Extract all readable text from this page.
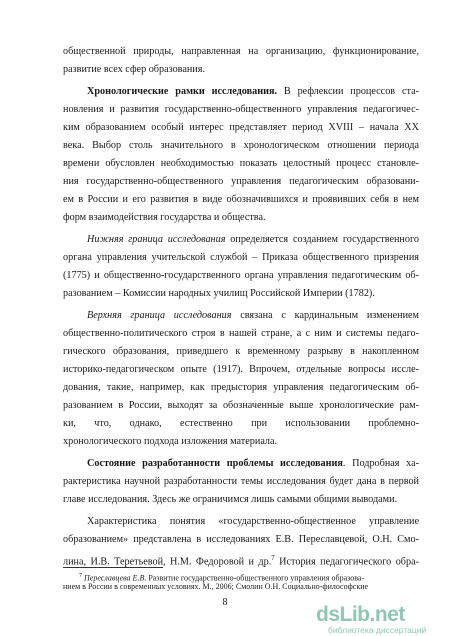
общественной природы, направленная на организацию, функционирование,
развитие всех сфер образования.
Хронологические рамки исследования. В рефлексии процессов ста-
новления и развития государственно-общественного управления педагогичес-
ким образованием особый интерес представляет период XVIII – начала XX
века. Выбор столь значительного в хронологическом отношении периода
времени обусловлен необходимостью показать целостный процесс становле-
ния государственно-общественного управления педагогическим образовани-
ем в России и его развития в виде обозначившихся и проявивших себя в нем
форм взаимодействия государства и общества.
Нижняя граница исследования определяется созданием государственного
органа управления учительской службой – Приказа общественного призрения
(1775) и общественно-государственного органа управления педагогическим об-
разованием – Комиссии народных училищ Российской Империи (1782).
Верхняя граница исследования связана с кардинальным изменением
общественно-политического строя в нашей стране, а с ним и системы педаго-
гического образования, приведшего к временному разрыву в накопленном
историко-педагогическом опыте (1917). Впрочем, отдельные вопросы иссле-
дования, такие, например, как предыстория управления педагогическим об-
разованием в России, выходят за обозначенные выше хронологические рам-
ки, что, однако, естественно при использовании проблемно-
хронологического подхода изложения материала.
Состояние разработанности проблемы исследования. Подробная ха-
рактеристика научной разработанности темы исследования будет дана в первой
главе исследования. Здесь же ограничимся лишь самыми общими выводами.
Характеристика понятия «государственно-общественное управление
образованием» представлена в исследованиях Е.В. Переславцевой, О.Н. Смо-
лина, И.В. Теретьевой, Н.М. Федоровой и др.$^7$ История педагогического обра-
$^7$ Переславцева Е.В. Развитие государственно-общественного управления образова-
нием в России в современных условиях. М., 2006; Смолин О.Н. Социально-философские
8
dsLib.net
библиотека диссертаций
